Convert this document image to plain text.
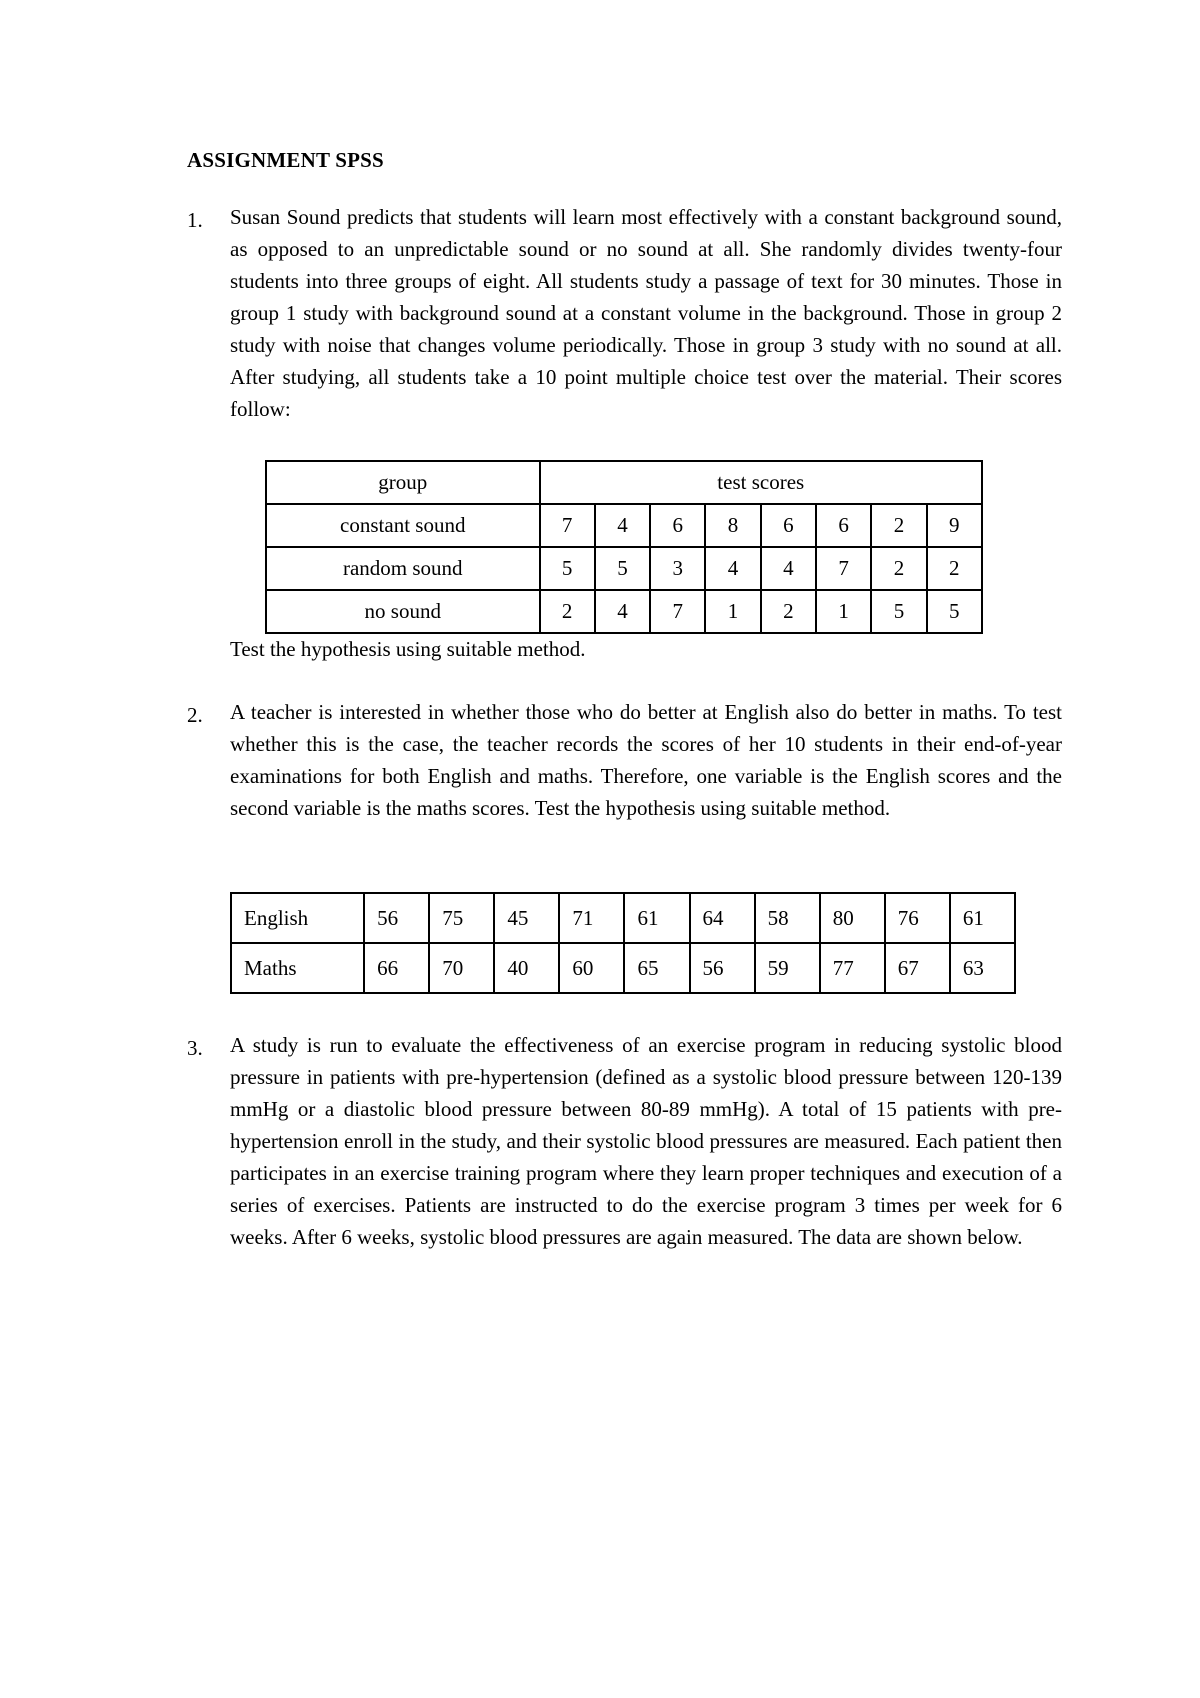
ASSIGNMENT SPSS
1. Susan Sound predicts that students will learn most effectively with a constant background sound, as opposed to an unpredictable sound or no sound at all. She randomly divides twenty-four students into three groups of eight. All students study a passage of text for 30 minutes. Those in group 1 study with background sound at a constant volume in the background. Those in group 2 study with noise that changes volume periodically. Those in group 3 study with no sound at all. After studying, all students take a 10 point multiple choice test over the material. Their scores follow:
group	test scores							
constant sound	7	4	6	8	6	6	2	9
random sound	5	5	3	4	4	7	2	2
no sound	2	4	7	1	2	1	5	5
Test the hypothesis using suitable method.
2. A teacher is interested in whether those who do better at English also do better in maths. To test whether this is the case, the teacher records the scores of her 10 students in their end-of-year examinations for both English and maths. Therefore, one variable is the English scores and the second variable is the maths scores. Test the hypothesis using suitable method.
English	56	75	45	71	61	64	58	80	76	61
Maths	66	70	40	60	65	56	59	77	67	63
3. A study is run to evaluate the effectiveness of an exercise program in reducing systolic blood pressure in patients with pre-hypertension (defined as a systolic blood pressure between 120-139 mmHg or a diastolic blood pressure between 80-89 mmHg). A total of 15 patients with pre-hypertension enroll in the study, and their systolic blood pressures are measured. Each patient then participates in an exercise training program where they learn proper techniques and execution of a series of exercises. Patients are instructed to do the exercise program 3 times per week for 6 weeks. After 6 weeks, systolic blood pressures are again measured. The data are shown below.
